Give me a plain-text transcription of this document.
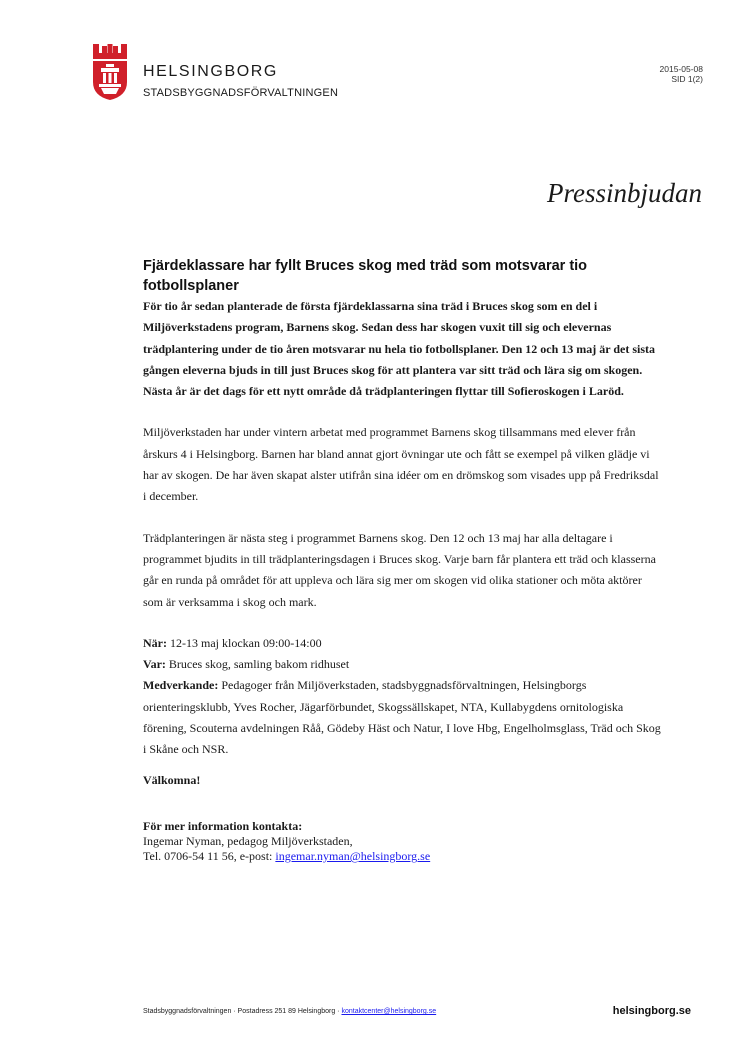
HELSINGBORG
STADSBYGGNADSFÖRVALTNINGEN
2015-05-08
SID 1(2)
Pressinbjudan
Fjärdeklassare har fyllt Bruces skog med träd som motsvarar tio fotbollsplaner

För tio år sedan planterade de första fjärdeklassarna sina träd i Bruces skog som en del i Miljöverkstadens program, Barnens skog. Sedan dess har skogen vuxit till sig och elevernas trädplantering under de tio åren motsvarar nu hela tio fotbollsplaner. Den 12 och 13 maj är det sista gången eleverna bjuds in till just Bruces skog för att plantera var sitt träd och lära sig om skogen. Nästa år är det dags för ett nytt område då trädplanteringen flyttar till Sofieroskogen i Laröd.

Miljöverkstaden har under vintern arbetat med programmet Barnens skog tillsammans med elever från årskurs 4 i Helsingborg. Barnen har bland annat gjort övningar ute och fått se exempel på vilken glädje vi har av skogen. De har även skapat alster utifrån sina idéer om en drömskog som visades upp på Fredriksdal i december.

Trädplanteringen är nästa steg i programmet Barnens skog. Den 12 och 13 maj har alla deltagare i programmet bjudits in till trädplanteringsdagen i Bruces skog. Varje barn får plantera ett träd och klasserna går en runda på området för att uppleva och lära sig mer om skogen vid olika stationer och möta aktörer som är verksamma i skog och mark.

När: 12-13 maj klockan 09:00-14:00
Var: Bruces skog, samling bakom ridhuset
Medverkande: Pedagoger från Miljöverkstaden, stadsbyggnadsförvaltningen, Helsingborgs orienteringsklubb, Yves Rocher, Jägarförbundet, Skogssällskapet, NTA, Kullabygdens ornitologiska förening, Scouterna avdelningen Råå, Gödeby Häst och Natur, I love Hbg, Engelholmsglass, Träd och Skog i Skåne och NSR.

Välkomna!

För mer information kontakta:
Ingemar Nyman, pedagog Miljöverkstaden,
Tel. 0706-54 11 56, e-post: ingemar.nyman@helsingborg.se
Stadsbyggnadsförvaltningen · Postadress 251 89 Helsingborg · kontaktcenter@helsingborg.se	helsingborg.se
